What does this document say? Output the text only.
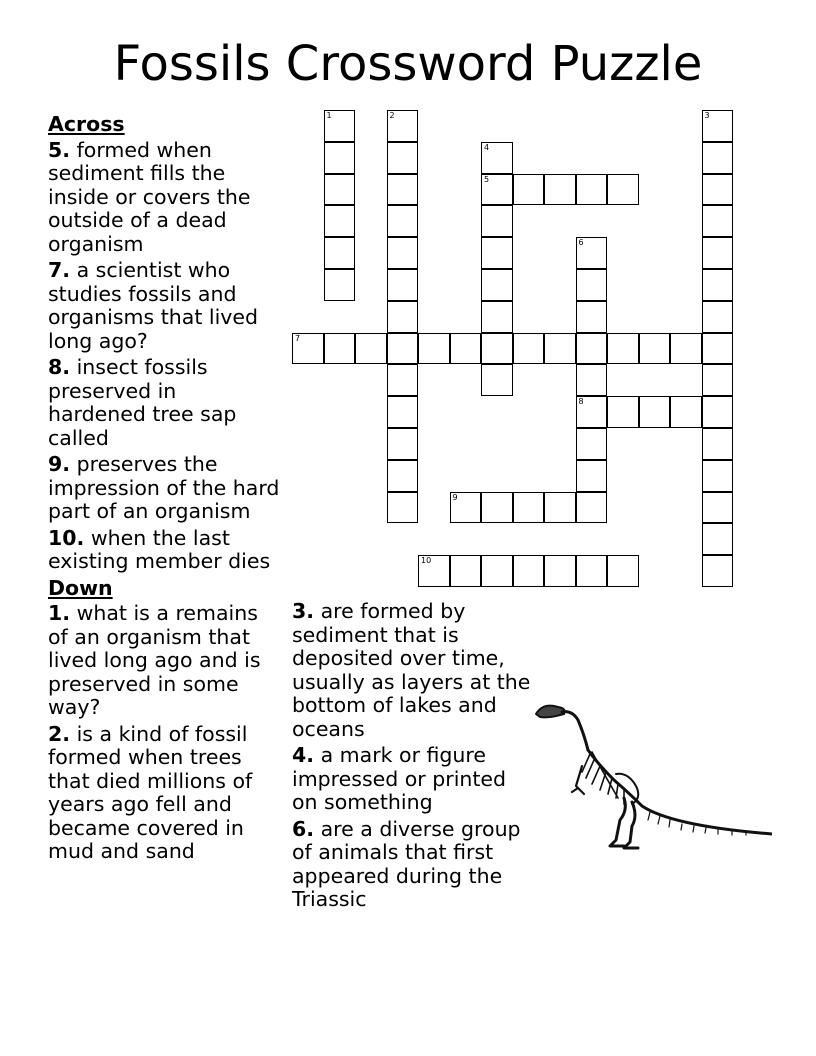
Fossils Crossword Puzzle
Across
5. formed when sediment fills the inside or covers the outside of a dead organism
7. a scientist who studies fossils and organisms that lived long ago?
8. insect fossils preserved in hardened tree sap called
9. preserves the impression of the hard part of an organism
10. when the last existing member dies
Down
1. what is a remains of an organism that lived long ago and is preserved in some way?
2. is a kind of fossil formed when trees that died millions of years ago fell and became covered in mud and sand
3. are formed by sediment that is deposited over time, usually as layers at the bottom of lakes and oceans
4. a mark or figure impressed or printed on something
6. are a diverse group of animals that first appeared during the Triassic
1	2	3
4
5
6
8
7
9
10
